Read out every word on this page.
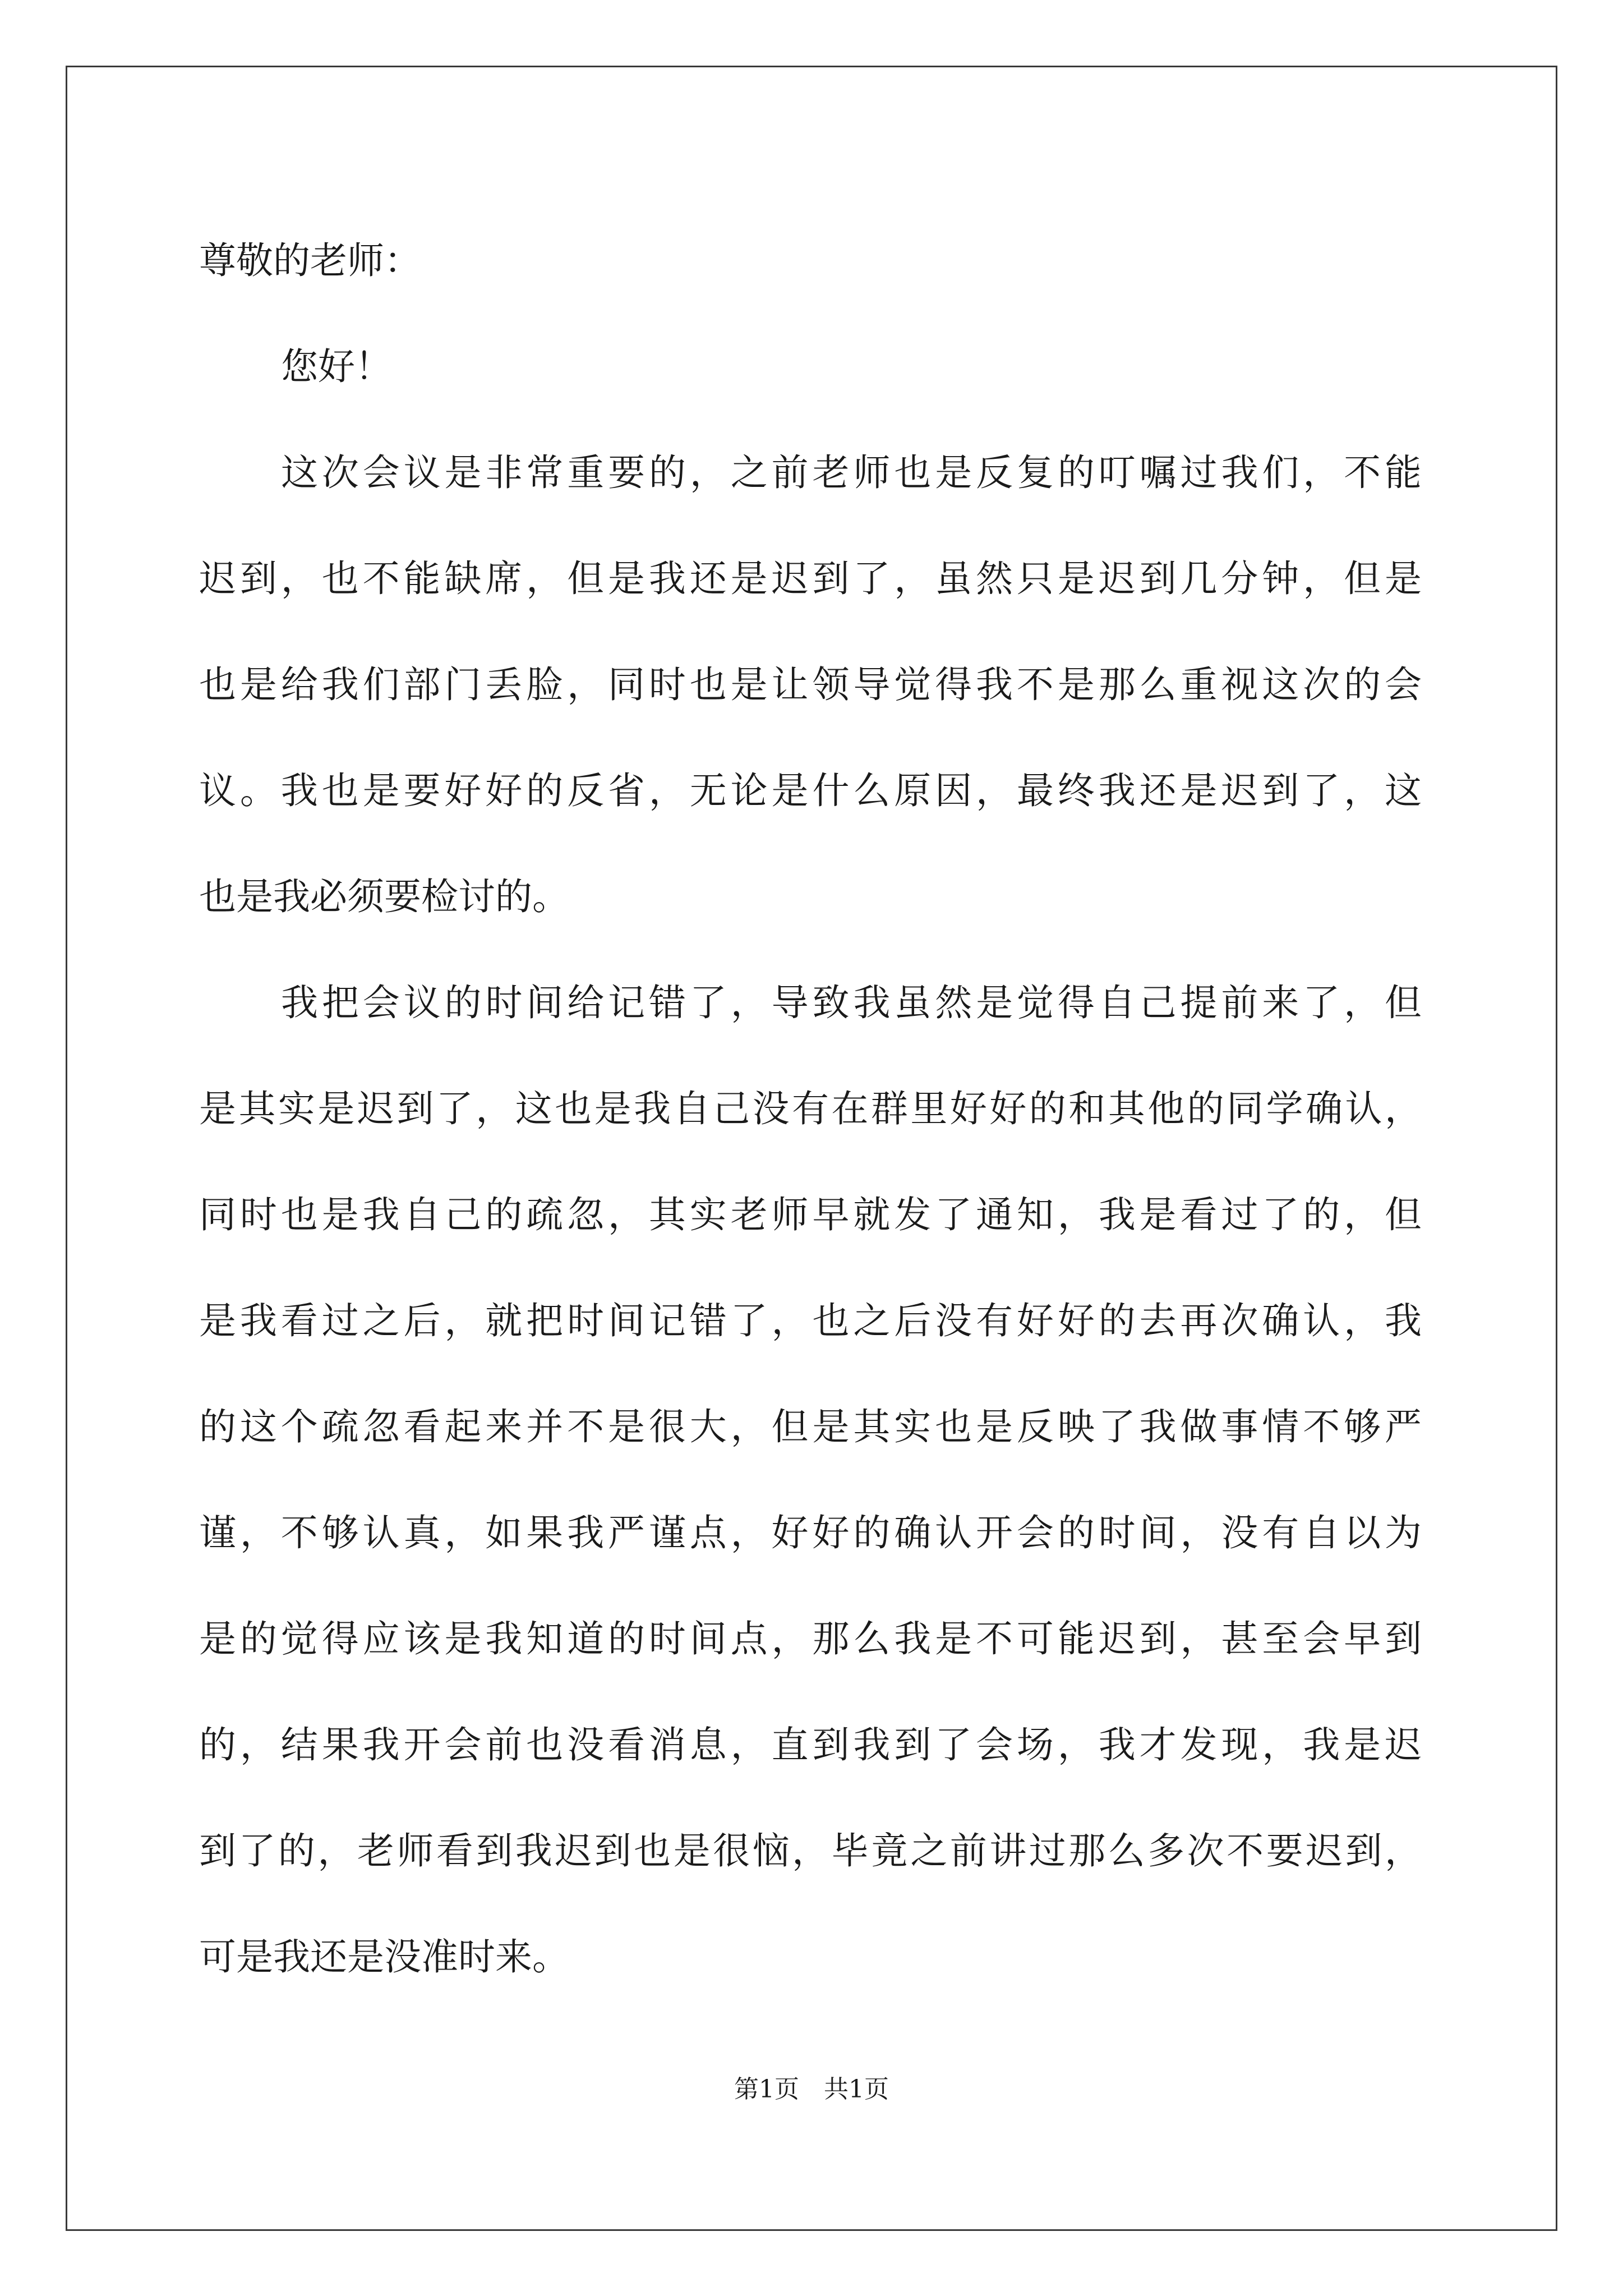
尊敬的老师：
您好！
这次会议是非常重要的，之前老师也是反复的叮嘱过我们，不能
迟到，也不能缺席，但是我还是迟到了，虽然只是迟到几分钟，但是
也是给我们部门丢脸，同时也是让领导觉得我不是那么重视这次的会
议。我也是要好好的反省，无论是什么原因，最终我还是迟到了，这
也是我必须要检讨的。
我把会议的时间给记错了，导致我虽然是觉得自己提前来了，但
是其实是迟到了，这也是我自己没有在群里好好的和其他的同学确认，
同时也是我自己的疏忽，其实老师早就发了通知，我是看过了的，但
是我看过之后，就把时间记错了，也之后没有好好的去再次确认，我
的这个疏忽看起来并不是很大，但是其实也是反映了我做事情不够严
谨，不够认真，如果我严谨点，好好的确认开会的时间，没有自以为
是的觉得应该是我知道的时间点，那么我是不可能迟到，甚至会早到
的，结果我开会前也没看消息，直到我到了会场，我才发现，我是迟
到了的，老师看到我迟到也是很恼，毕竟之前讲过那么多次不要迟到，
可是我还是没准时来。
第1页　共1页
